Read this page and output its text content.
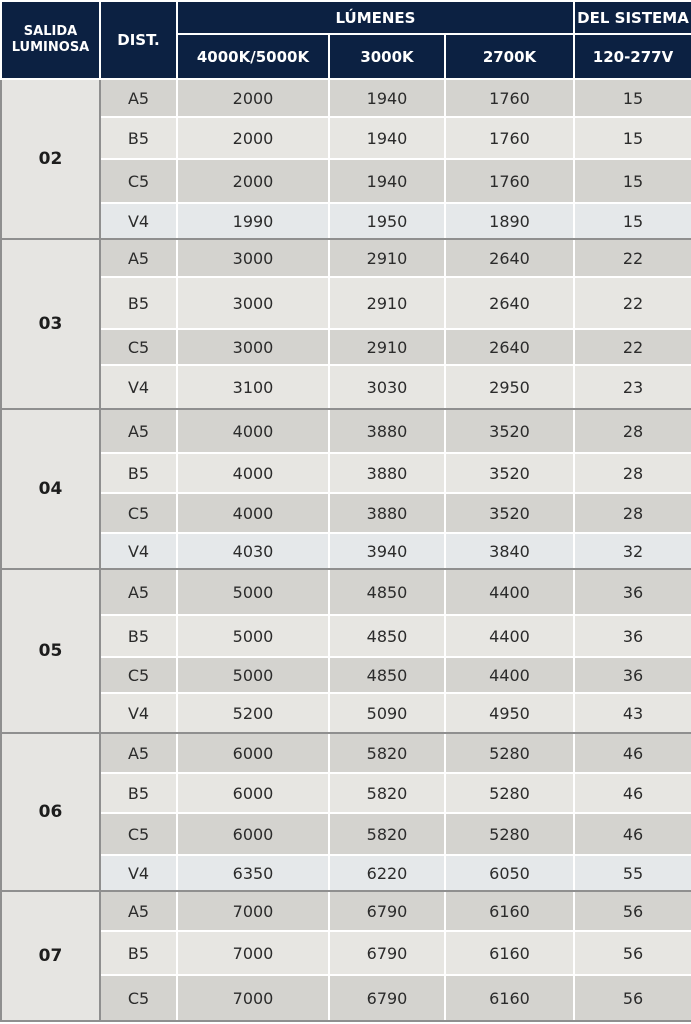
SALIDA LUMINOSA	DIST.	LÚMENES			DEL SISTEMA
		4000K/5000K	3000K	2700K	120-277V
02	A5	2000	1940	1760	15
	B5	2000	1940	1760	15
	C5	2000	1940	1760	15
	V4	1990	1950	1890	15
03	A5	3000	2910	2640	22
	B5	3000	2910	2640	22
	C5	3000	2910	2640	22
	V4	3100	3030	2950	23
04	A5	4000	3880	3520	28
	B5	4000	3880	3520	28
	C5	4000	3880	3520	28
	V4	4030	3940	3840	32
05	A5	5000	4850	4400	36
	B5	5000	4850	4400	36
	C5	5000	4850	4400	36
	V4	5200	5090	4950	43
06	A5	6000	5820	5280	46
	B5	6000	5820	5280	46
	C5	6000	5820	5280	46
	V4	6350	6220	6050	55
07	A5	7000	6790	6160	56
	B5	7000	6790	6160	56
	C5	7000	6790	6160	56
